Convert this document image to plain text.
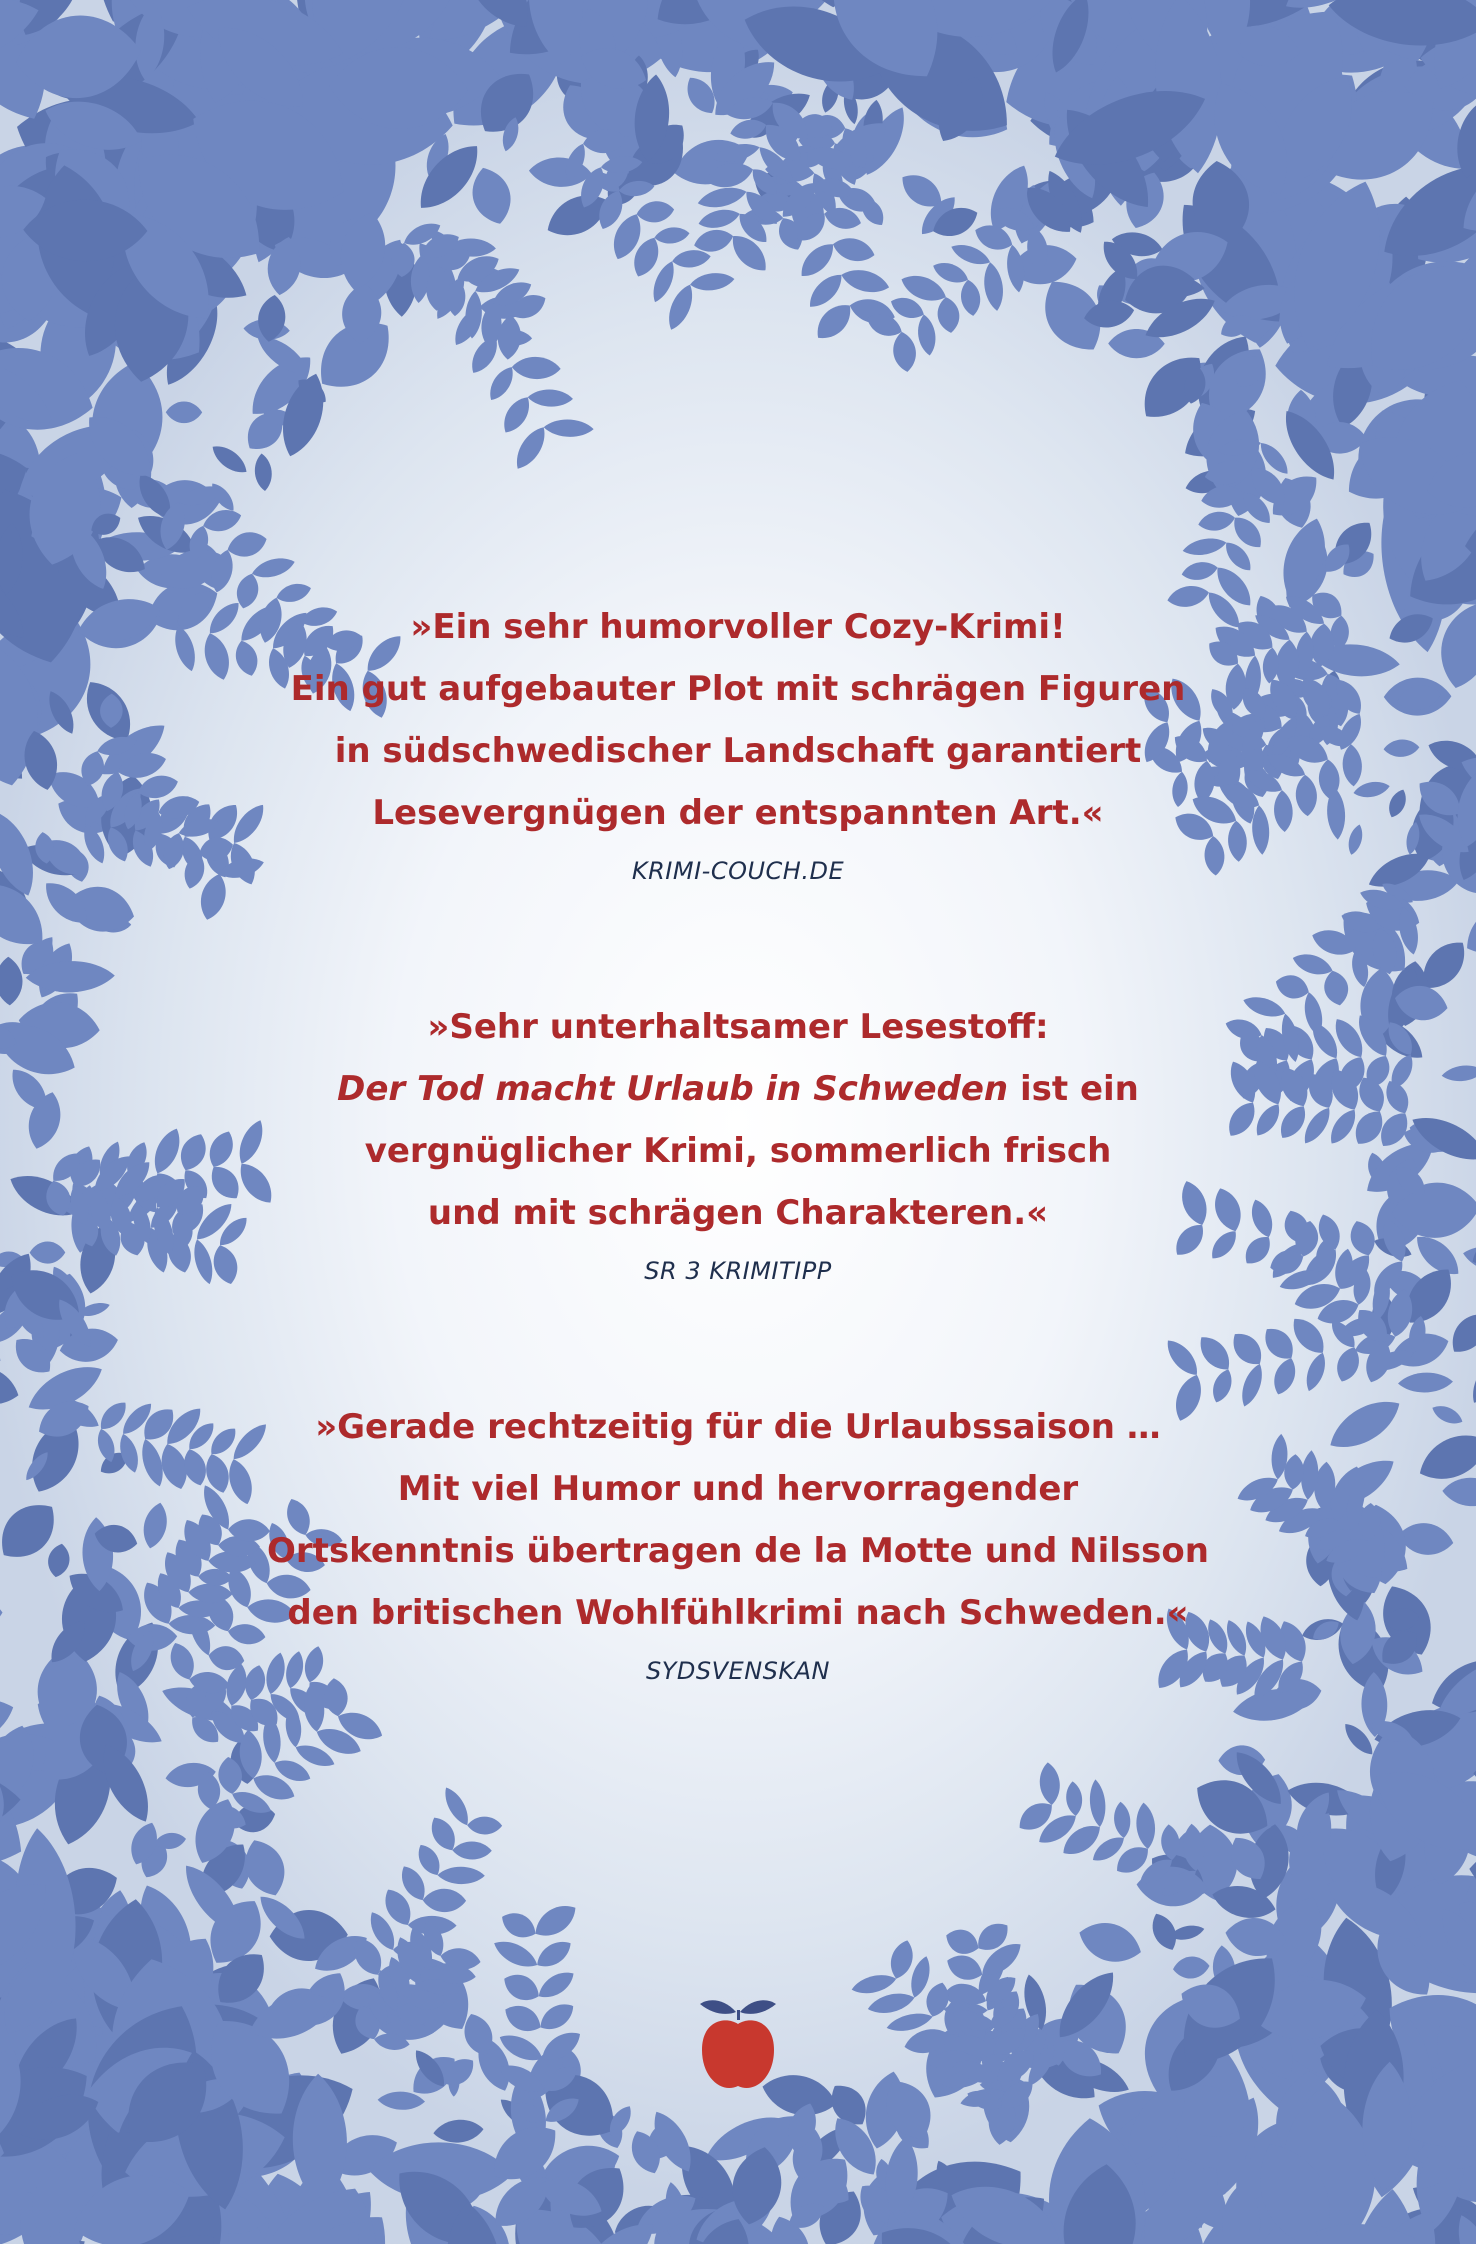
»Ein sehr humorvoller Cozy-Krimi!
Ein gut aufgebauter Plot mit schrägen Figuren
in südschwedischer Landschaft garantiert
Lesevergnügen der entspannten Art.«
KRIMI-COUCH.DE
»Sehr unterhaltsamer Lesestoff:
Der Tod macht Urlaub in Schweden ist ein
vergnüglicher Krimi, sommerlich frisch
und mit schrägen Charakteren.«
SR 3 KRIMITIPP
»Gerade rechtzeitig für die Urlaubssaison …
Mit viel Humor und hervorragender
Ortskenntnis übertragen de la Motte und Nilsson
den britischen Wohlfühlkrimi nach Schweden.«
SYDSVENSKAN
